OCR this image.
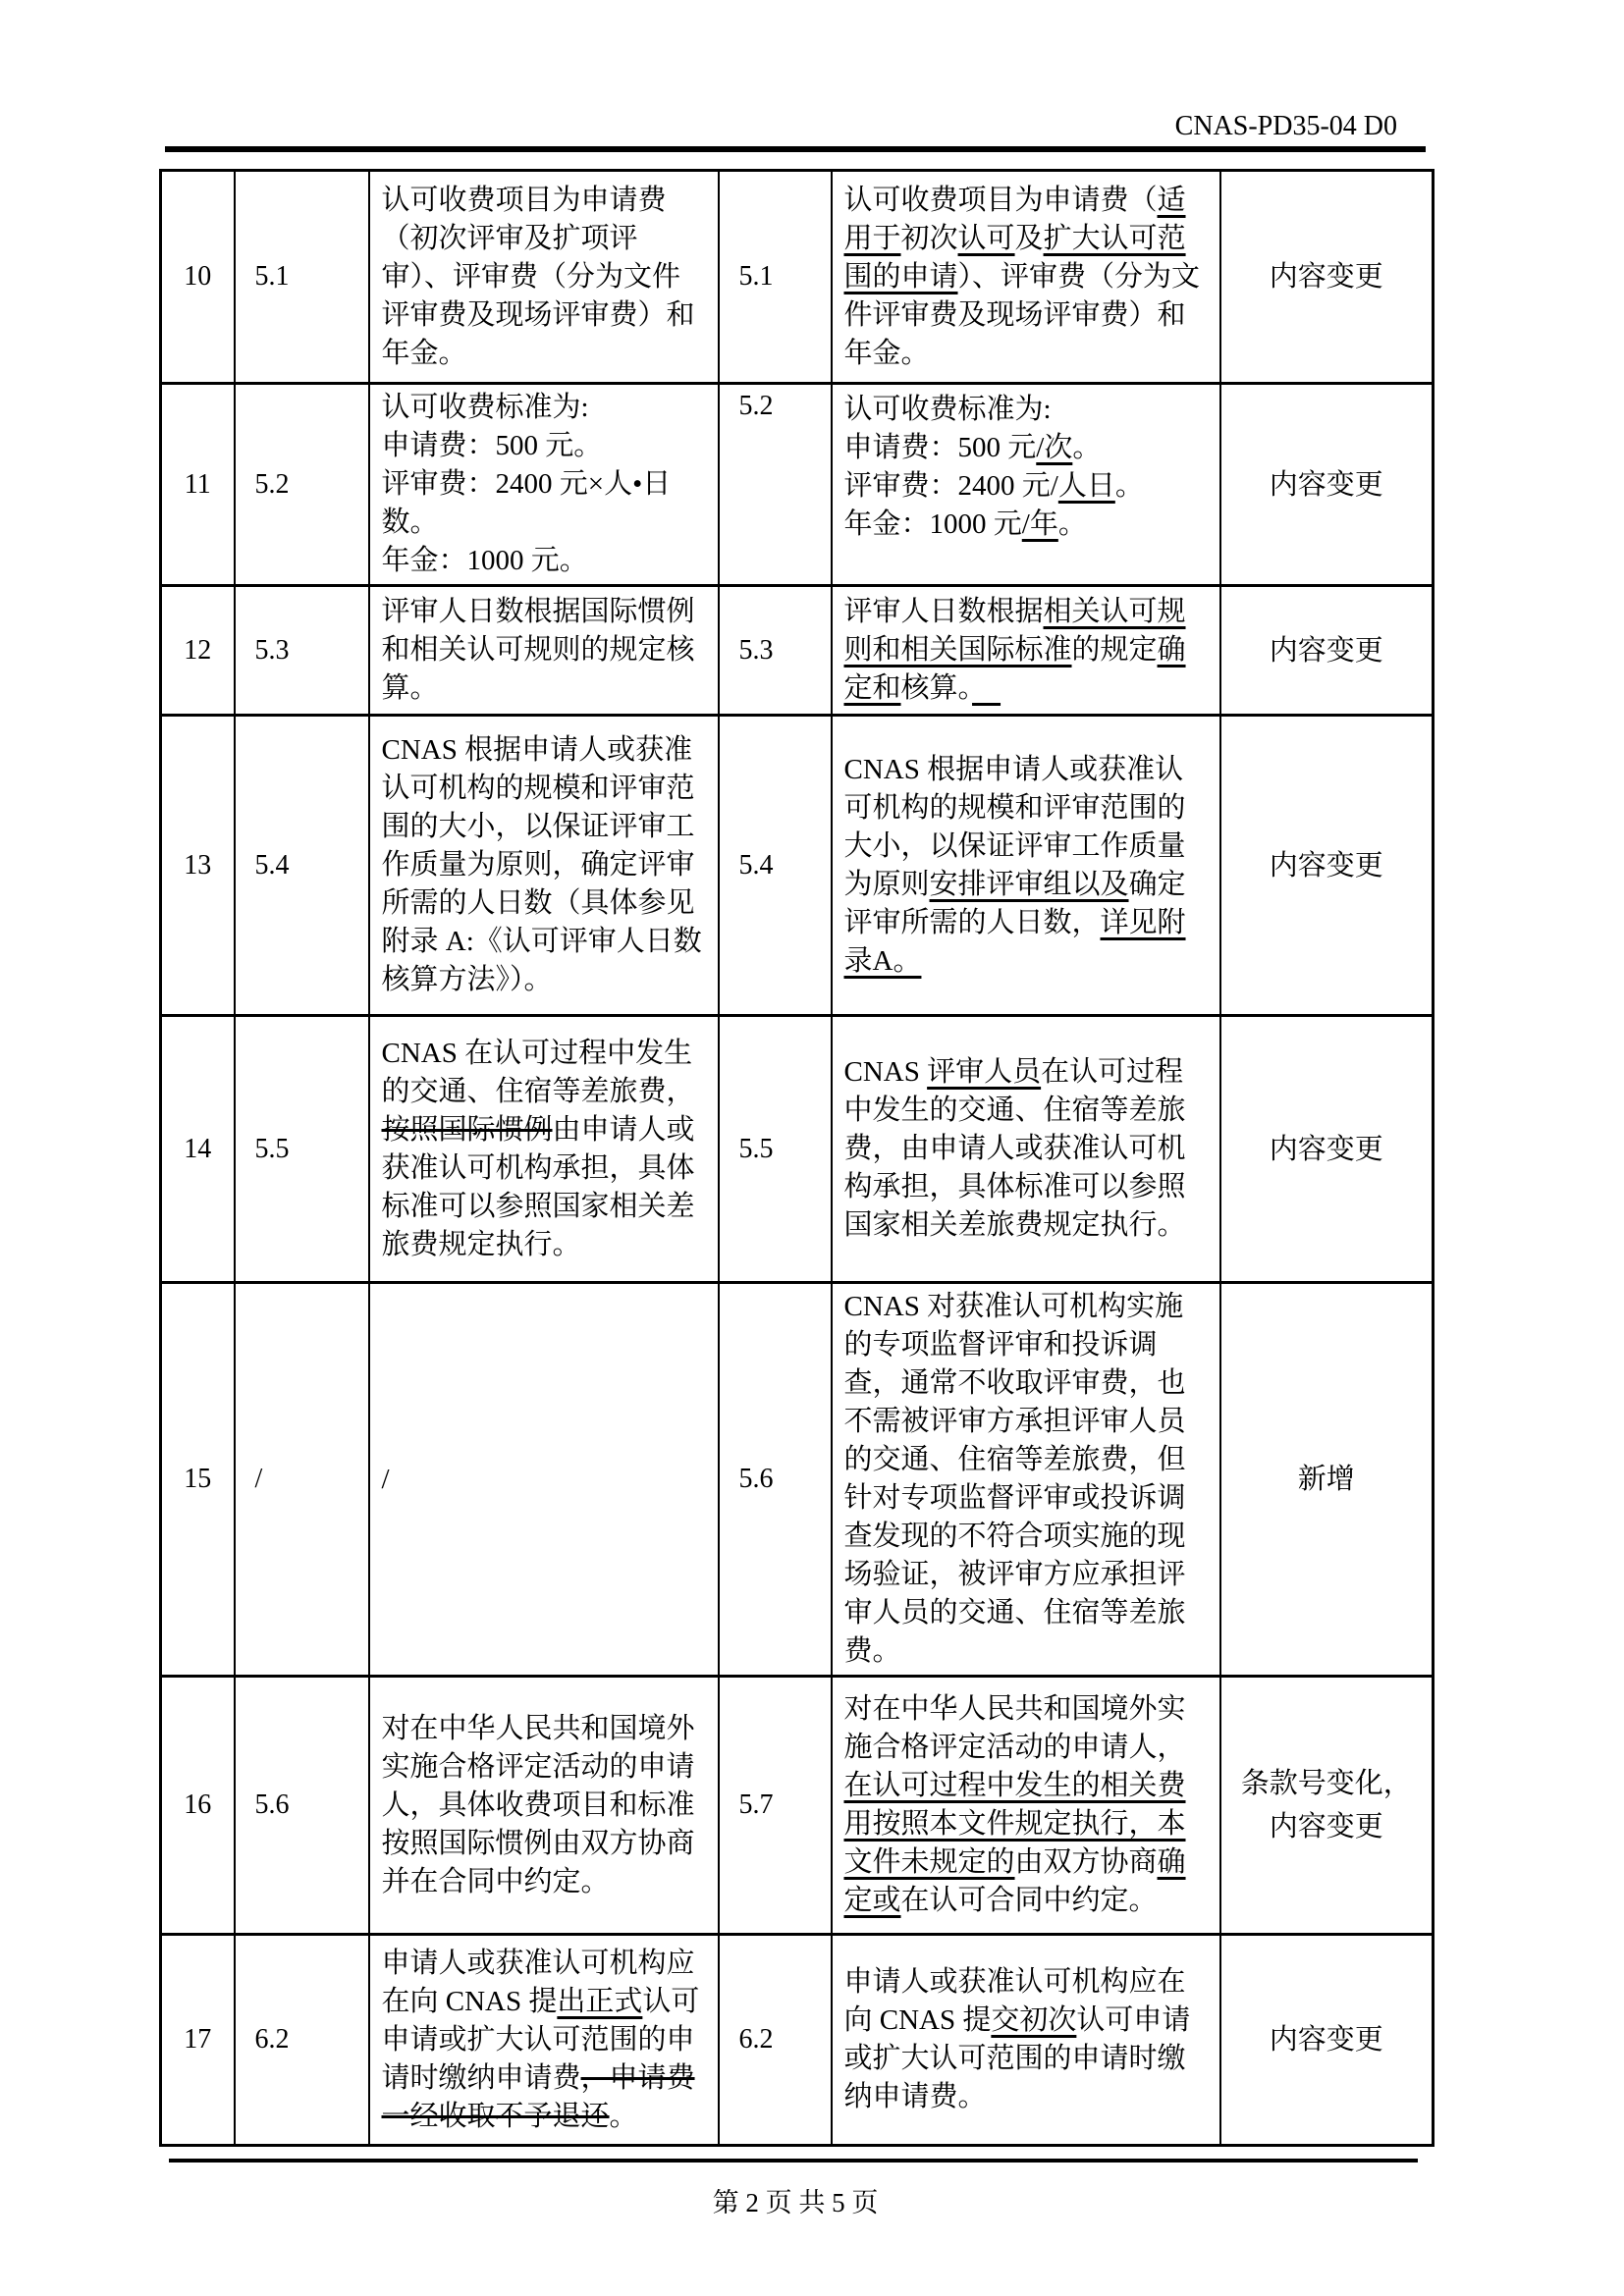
CNAS-PD35-04 D0
10	5.1	认可收费项目为申请费（初次评审及扩项评审）、评审费（分为文件评审费及现场评审费）和年金。	5.1	认可收费项目为申请费（适用于初次认可及扩大认可范围的申请）、评审费（分为文件评审费及现场评审费）和年金。	内容变更
11	5.2	认可收费标准为:
申请费：500 元。
评审费：2400 元×人•日数。
年金：1000 元。	5.2	认可收费标准为:
申请费：500 元/次。
评审费：2400 元/人日。
年金：1000 元/年。	内容变更
12	5.3	评审人日数根据国际惯例和相关认可规则的规定核算。	5.3	评审人日数根据相关认可规则和相关国际标准的规定确定和核算。　	内容变更
13	5.4	CNAS 根据申请人或获准认可机构的规模和评审范围的大小，以保证评审工作质量为原则，确定评审所需的人日数（具体参见附录 A:《认可评审人日数核算方法》）。	5.4	CNAS 根据申请人或获准认可机构的规模和评审范围的大小，以保证评审工作质量为原则安排评审组以及确定评审所需的人日数，详见附录A。	内容变更
14	5.5	CNAS 在认可过程中发生的交通、住宿等差旅费，按照国际惯例由申请人或获准认可机构承担，具体标准可以参照国家相关差旅费规定执行。	5.5	CNAS 评审人员在认可过程中发生的交通、住宿等差旅费，由申请人或获准认可机构承担，具体标准可以参照国家相关差旅费规定执行。	内容变更
15	/	/	5.6	CNAS 对获准认可机构实施的专项监督评审和投诉调查，通常不收取评审费，也不需被评审方承担评审人员的交通、住宿等差旅费，但针对专项监督评审或投诉调查发现的不符合项实施的现场验证，被评审方应承担评审人员的交通、住宿等差旅费。	新增
16	5.6	对在中华人民共和国境外实施合格评定活动的申请人，具体收费项目和标准按照国际惯例由双方协商并在合同中约定。	5.7	对在中华人民共和国境外实施合格评定活动的申请人，在认可过程中发生的相关费用按照本文件规定执行，本文件未规定的由双方协商确定或在认可合同中约定。	条款号变化，
内容变更
17	6.2	申请人或获准认可机构应在向 CNAS 提出正式认可申请或扩大认可范围的申请时缴纳申请费，申请费一经收取不予退还。	6.2	申请人或获准认可机构应在向 CNAS 提交初次认可申请或扩大认可范围的申请时缴纳申请费。	内容变更
第 2 页 共 5 页
